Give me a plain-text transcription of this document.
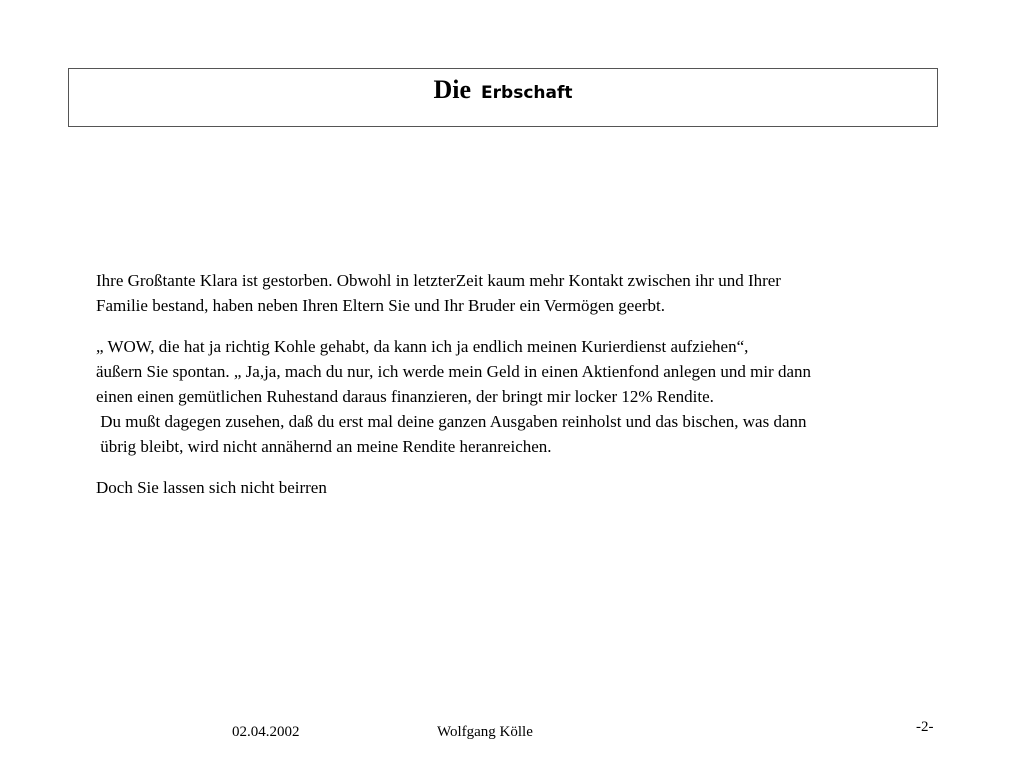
Die Erbschaft
Ihre Großtante Klara ist gestorben. Obwohl in letzterZeit kaum mehr Kontakt zwischen ihr und Ihrer
Familie bestand, haben neben Ihren Eltern Sie und Ihr Bruder ein Vermögen geerbt.
„ WOW, die hat ja richtig Kohle gehabt, da kann ich ja endlich meinen Kurierdienst aufziehen“,
äußern Sie spontan. „ Ja,ja, mach du nur, ich werde mein Geld in einen Aktienfond anlegen und mir dann
einen einen gemütlichen Ruhestand daraus finanzieren, der bringt mir locker 12% Rendite.
Du mußt dagegen zusehen, daß du erst mal deine ganzen Ausgaben reinholst und das bischen, was dann
übrig bleibt, wird nicht annähernd an meine Rendite heranreichen.
Doch Sie lassen sich nicht beirren
02.04.2002	Wolfgang Kölle	-2-
